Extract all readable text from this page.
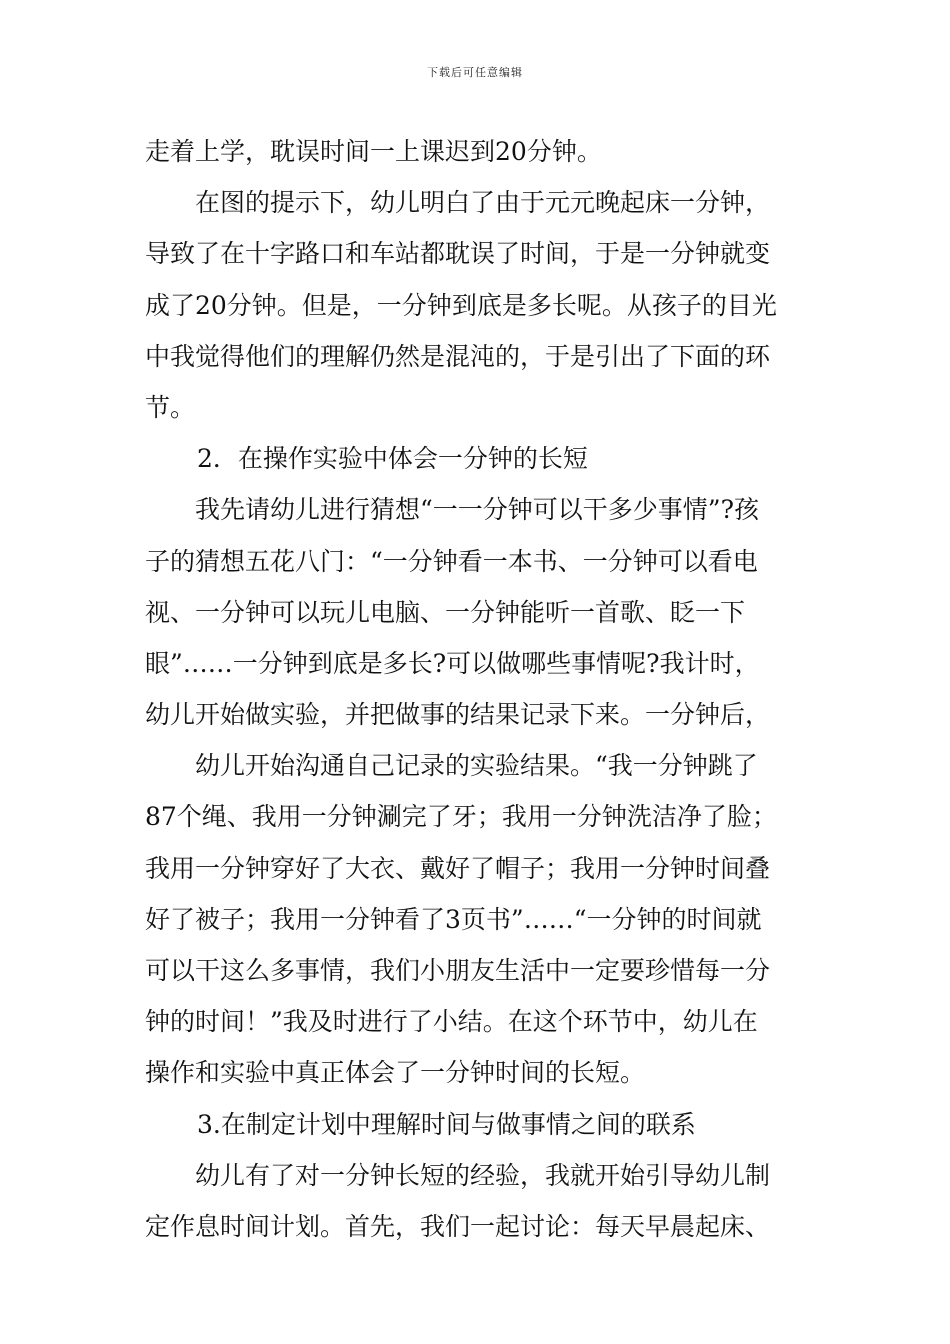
下载后可任意编辑
走着上学，耽误时间一上课迟到20分钟。
在图的提示下，幼儿明白了由于元元晚起床一分钟，
导致了在十字路口和车站都耽误了时间，于是一分钟就变
成了20分钟。但是，一分钟到底是多长呢。从孩子的目光
中我觉得他们的理解仍然是混沌的，于是引出了下面的环
节。
2．在操作实验中体会一分钟的长短
我先请幼儿进行猜想“一一分钟可以干多少事情”?孩
子的猜想五花八门：“一分钟看一本书、一分钟可以看电
视、一分钟可以玩儿电脑、一分钟能听一首歌、眨一下
眼”……一分钟到底是多长?可以做哪些事情呢?我计时，
幼儿开始做实验，并把做事的结果记录下来。一分钟后，
幼儿开始沟通自己记录的实验结果。“我一分钟跳了
87个绳、我用一分钟涮完了牙；我用一分钟洗洁净了脸；
我用一分钟穿好了大衣、戴好了帽子；我用一分钟时间叠
好了被子；我用一分钟看了3页书”……“一分钟的时间就
可以干这么多事情，我们小朋友生活中一定要珍惜每一分
钟的时间！”我及时进行了小结。在这个环节中，幼儿在
操作和实验中真正体会了一分钟时间的长短。
3.在制定计划中理解时间与做事情之间的联系
幼儿有了对一分钟长短的经验，我就开始引导幼儿制
定作息时间计划。首先，我们一起讨论：每天早晨起床、
